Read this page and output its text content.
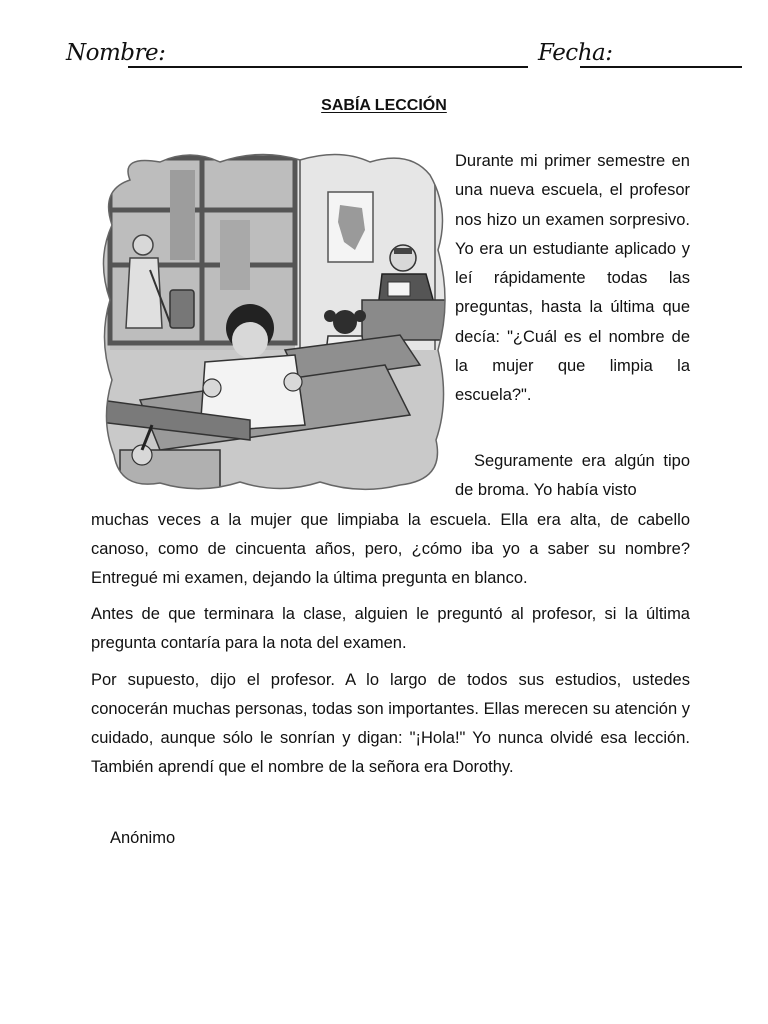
Nombre:	Fecha:
SABÍA LECCIÓN

Durante mi primer semestre en una nueva escuela, el profesor nos hizo un examen sorpresivo. Yo era un estudiante aplicado y leí rápidamente todas las preguntas, hasta la última que decía: "¿Cuál es el nombre de la mujer que limpia la escuela?".

Seguramente era algún tipo de broma. Yo había visto

muchas veces a la mujer que limpiaba la escuela. Ella era alta, de cabello canoso, como de cincuenta años, pero, ¿cómo iba yo a saber su nombre? Entregué mi examen, dejando la última pregunta en blanco.

Antes de que terminara la clase, alguien le preguntó al profesor, si la última pregunta contaría para la nota del examen.

Por supuesto, dijo el profesor. A lo largo de todos sus estudios, ustedes conocerán muchas personas, todas son importantes. Ellas merecen su atención y cuidado, aunque sólo le sonrían y digan: "¡Hola!" Yo nunca olvidé esa lección. También aprendí que el nombre de la señora era Dorothy.

Anónimo
